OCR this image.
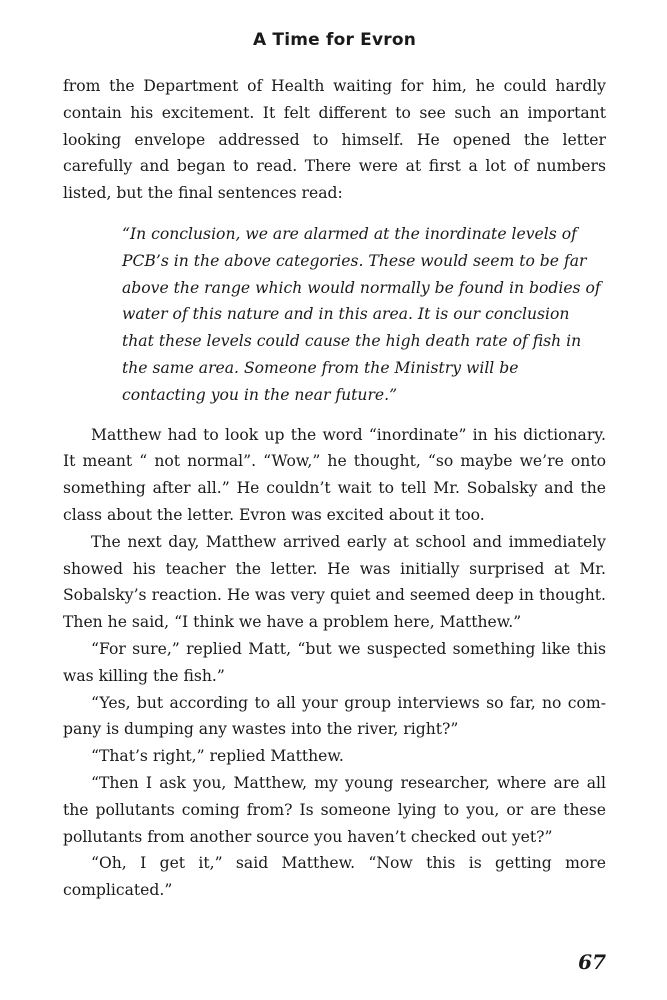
A Time for Evron

from the Department of Health waiting for him, he could hardly contain his excitement. It felt different to see such an important looking envelope addressed to himself. He opened the letter carefully and began to read. There were at first a lot of numbers listed, but the final sentences read:

“In conclusion, we are alarmed at the inordinate levels of PCB’s in the above categories. These would seem to be far above the range which would normally be found in bodies of water of this nature and in this area. It is our conclusion that these levels could cause the high death rate of fish in the same area. Someone from the Ministry will be contacting you in the near future.”

Matthew had to look up the word “inordinate” in his dictionary. It meant “ not normal”. “Wow,” he thought, “so maybe we’re onto something after all.” He couldn’t wait to tell Mr. Sobalsky and the class about the letter. Evron was excited about it too.

The next day, Matthew arrived early at school and immediately showed his teacher the letter. He was initially surprised at Mr. Sobalsky’s reaction. He was very quiet and seemed deep in thought. Then he said, “I think we have a problem here, Matthew.”

“For sure,” replied Matt, “but we suspected something like this was killing the fish.”

“Yes, but according to all your group interviews so far, no company is dumping any wastes into the river, right?”

“That’s right,” replied Matthew.

“Then I ask you, Matthew, my young researcher, where are all the pollutants coming from? Is someone lying to you, or are these pollutants from another source you haven’t checked out yet?”

“Oh, I get it,” said Matthew. “Now this is getting more complicated.”

67
